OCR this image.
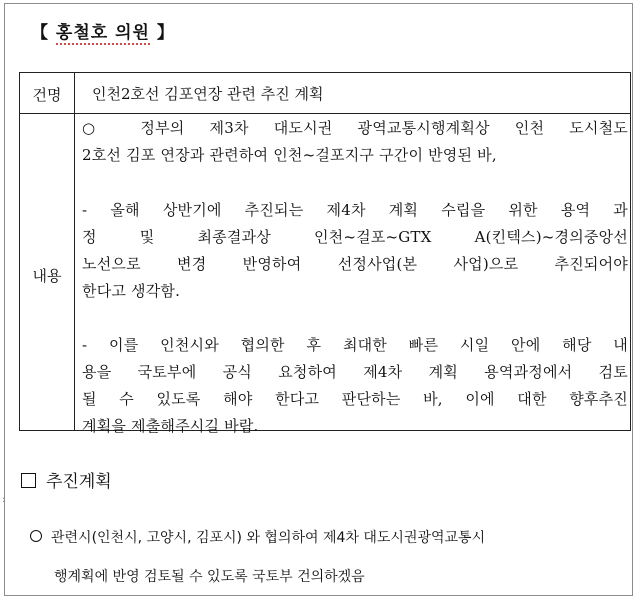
【 홍철호 의원 】
건명	인천2호선 김포연장 관련 추진 계획
내용
○ 정부의 제3차 대도시권 광역교통시행계획상 인천 도시철도
2호선 김포 연장과 관련하여 인천~걸포지구 구간이 반영된 바,
- 올해 상반기에 추진되는 제4차 계획 수립을 위한 용역 과
정 및 최종결과상 인천~걸포~GTX A(킨텍스)~경의중앙선
노선으로 변경 반영하여 선정사업(본 사업)으로 추진되어야
한다고 생각함.
- 이를 인천시와 협의한 후 최대한 빠른 시일 안에 해당 내
용을 국토부에 공식 요청하여 제4차 계획 용역과정에서 검토
될 수 있도록 해야 한다고 판단하는 바, 이에 대한 향후추진
계획을 제출해주시길 바람.
:
추진계획
관련시(인천시, 고양시, 김포시) 와 협의하여 제4차 대도시권광역교통시
행계획에 반영 검토될 수 있도록 국토부 건의하겠음
